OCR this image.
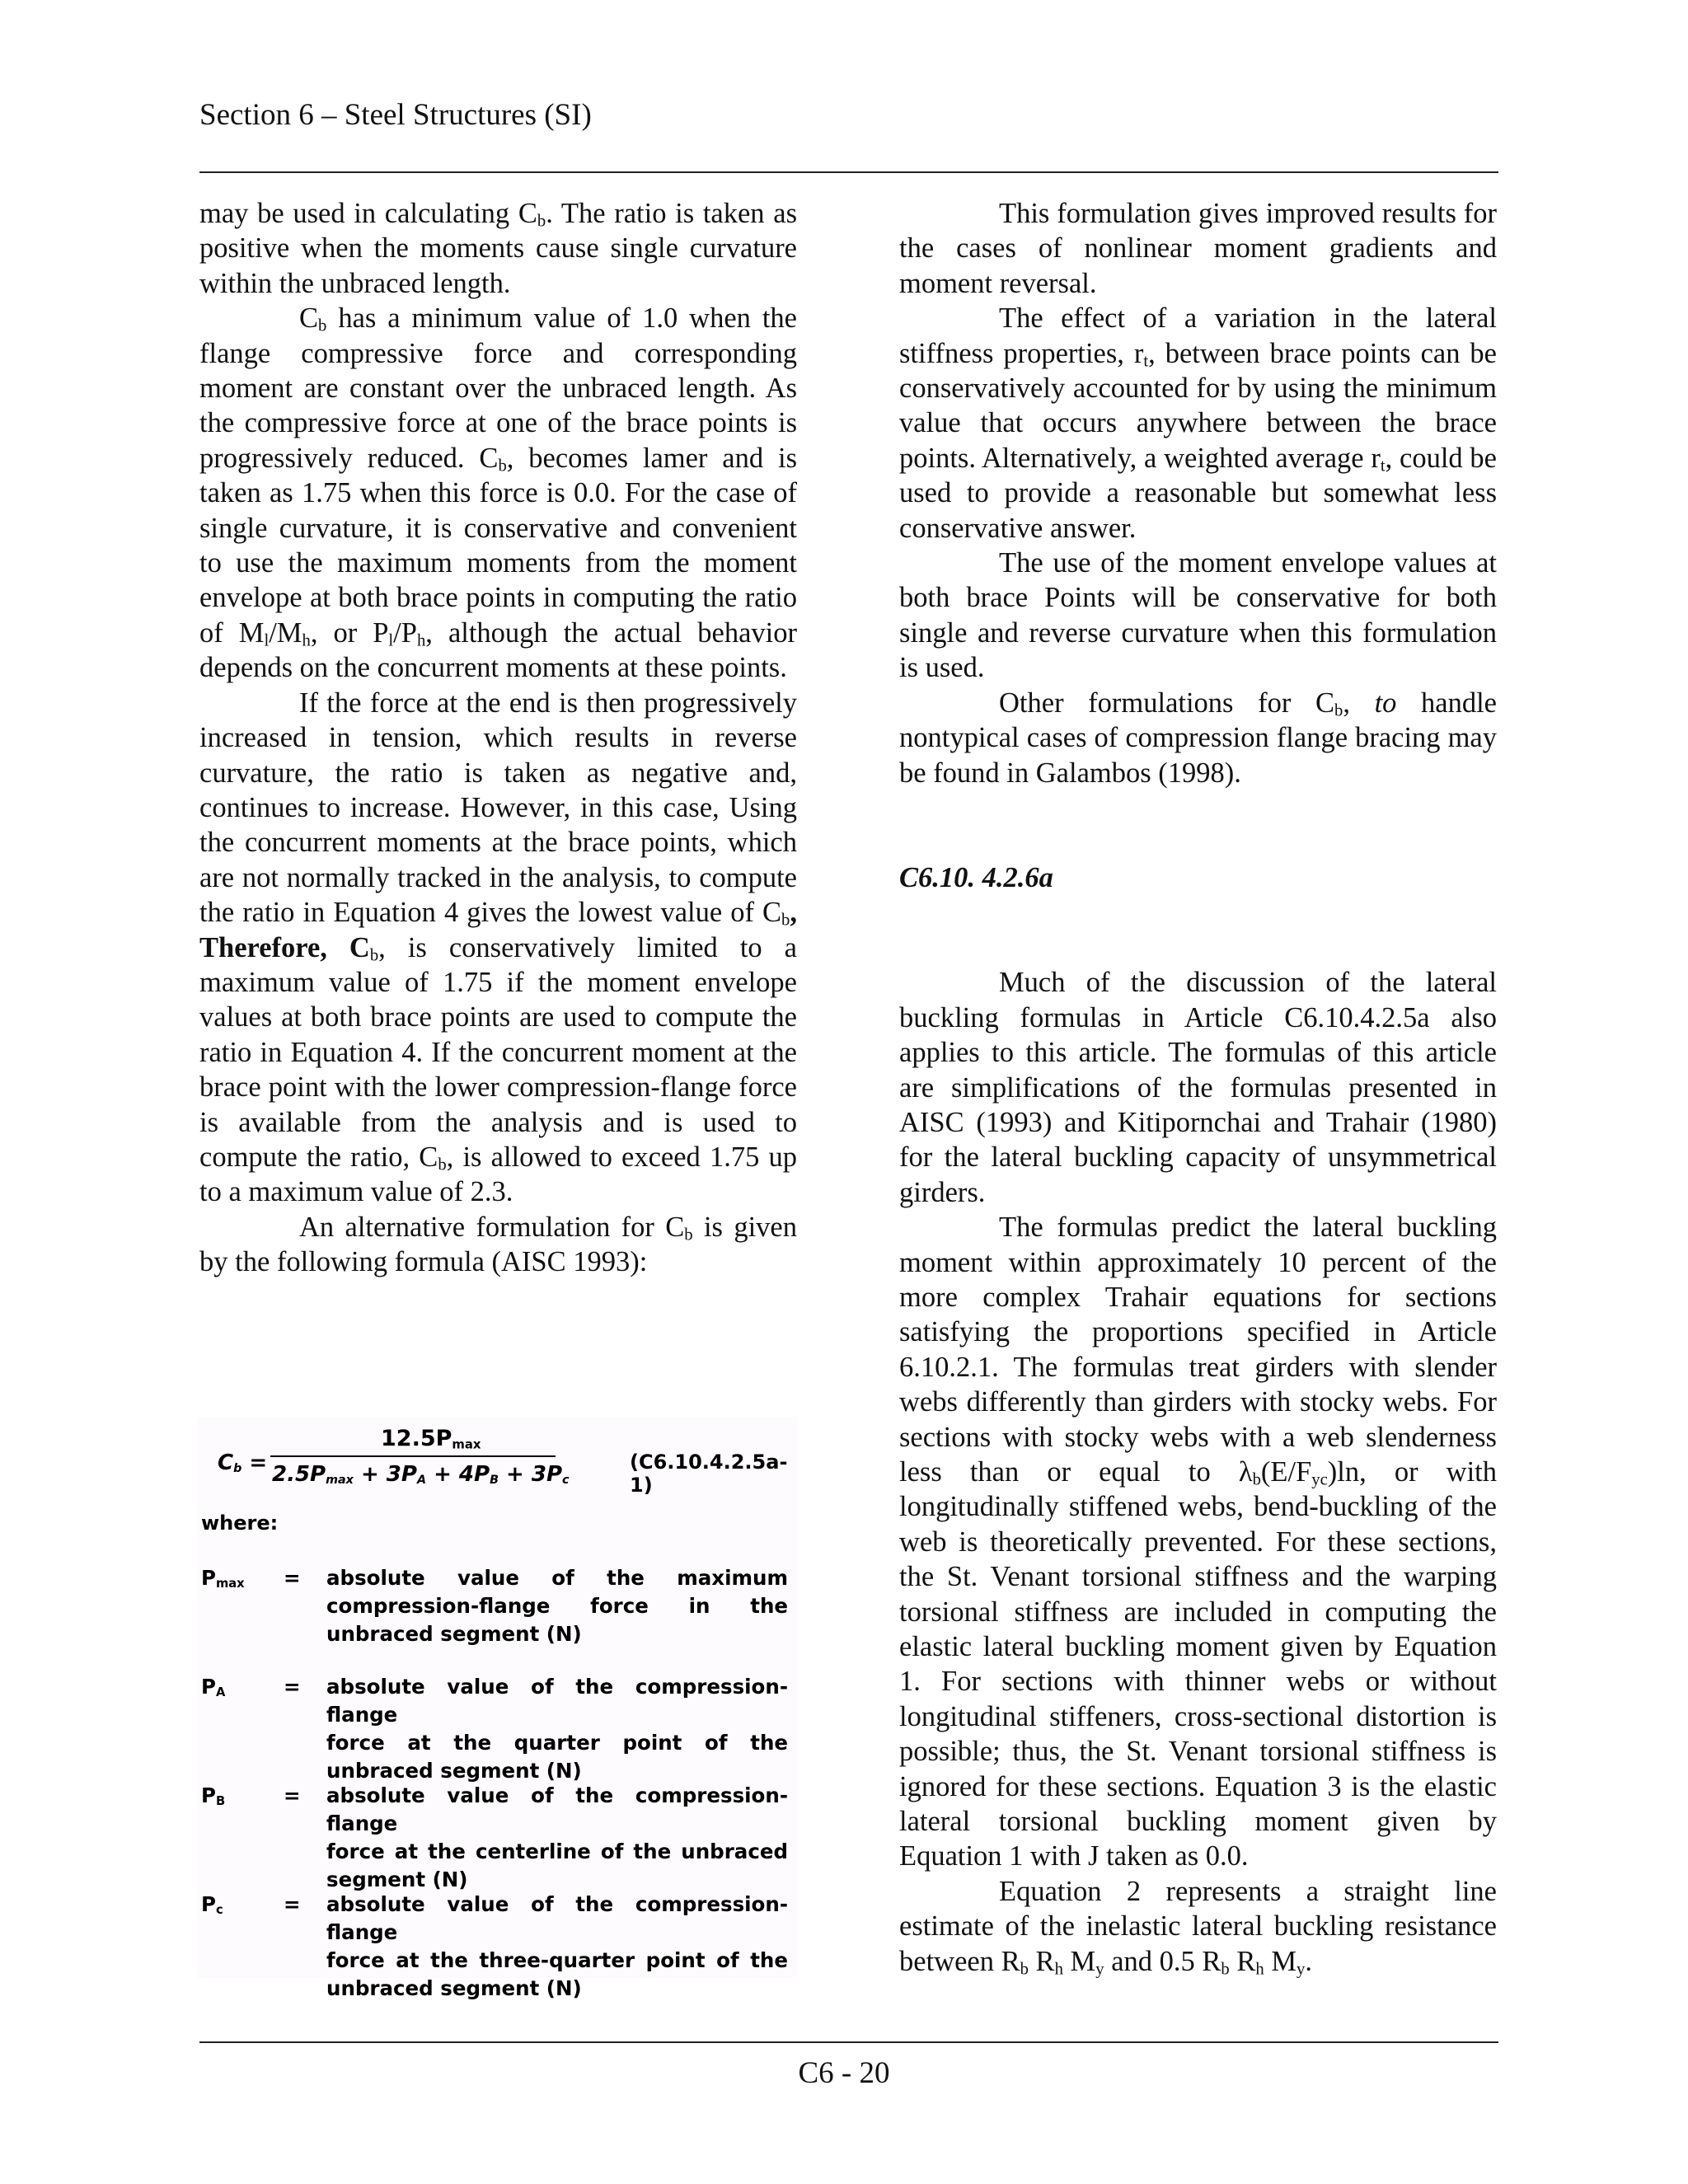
Section 6 – Steel Structures (SI)

may be used in calculating $C_b$. The ratio is taken as positive when the moments cause single curvature within the unbraced length.

$C_b$ has a minimum value of 1.0 when the flange compressive force and corresponding moment are constant over the unbraced length. As the compressive force at one of the brace points is progressively reduced. $C_b$, becomes lamer and is taken as 1.75 when this force is 0.0. For the case of single curvature, it is conservative and convenient to use the maximum moments from the moment envelope at both brace points in computing the ratio of $M_l/M_h$, or $P_l/P_h$, although the actual behavior depends on the concurrent moments at these points.

If the force at the end is then progressively increased in tension, which results in reverse curvature, the ratio is taken as negative and, continues to increase. However, in this case, Using the concurrent moments at the brace points, which are not normally tracked in the analysis, to compute the ratio in Equation 4 gives the lowest value of $C_b$, Therefore, $C_b$, is conservatively limited to a maximum value of 1.75 if the moment envelope values at both brace points are used to compute the ratio in Equation 4. If the concurrent moment at the brace point with the lower compression-flange force is available from the analysis and is used to compute the ratio, $C_b$, is allowed to exceed 1.75 up to a maximum value of 2.3.

An alternative formulation for $C_b$ is given by the following formula (AISC 1993):

$C_b$ =
$12.5P_{max}$
$2.5P_{max} + 3P_A + 4P_B + 3P_c$
(C6.10.4.2.5a-1)
where:
$P_{max}$ = absolute value of the maximum
compression-flange force in the unbraced segment (N)
$P_A$	= absolute value of the compression-flange
force at the quarter point of the unbraced segment (N)
$P_B$	= absolute value of the compression-flange
force at the centerline of the unbraced segment (N)
$P_c$	= absolute value of the compression-flange
force at the three-quarter point of the unbraced segment (N)

This formulation gives improved results for the cases of nonlinear moment gradients and moment reversal.

The effect of a variation in the lateral stiffness properties, $r_t$, between brace points can be conservatively accounted for by using the minimum value that occurs anywhere between the brace points. Alternatively, a weighted average $r_t$, could be used to provide a reasonable but somewhat less conservative answer.

The use of the moment envelope values at both brace Points will be conservative for both single and reverse curvature when this formulation is used.

Other formulations for $C_b$, to handle nontypical cases of compression flange bracing may be found in Galambos (1998).

C6.10. 4.2.6a

Much of the discussion of the lateral buckling formulas in Article C6.10.4.2.5a also applies to this article. The formulas of this article are simplifications of the formulas presented in AISC (1993) and Kitipornchai and Trahair (1980) for the lateral buckling capacity of unsymmetrical girders.

The formulas predict the lateral buckling moment within approximately 10 percent of the more complex Trahair equations for sections satisfying the proportions specified in Article 6.10.2.1. The formulas treat girders with slender webs differently than girders with stocky webs. For sections with stocky webs with a web slenderness less than or equal to $\lambda_b(E/F_{yc})\ln$, or with longitudinally stiffened webs, bend-buckling of the web is theoretically prevented. For these sections, the St. Venant torsional stiffness and the warping torsional stiffness are included in computing the elastic lateral buckling moment given by Equation 1. For sections with thinner webs or without longitudinal stiffeners, cross-sectional distortion is possible; thus, the St. Venant torsional stiffness is ignored for these sections. Equation 3 is the elastic lateral torsional buckling moment given by Equation 1 with J taken as 0.0.

Equation 2 represents a straight line estimate of the inelastic lateral buckling resistance between $R_b$ $R_h$ $M_y$ and 0.5 $R_b$ $R_h$ $M_y$.

C6 - 20
